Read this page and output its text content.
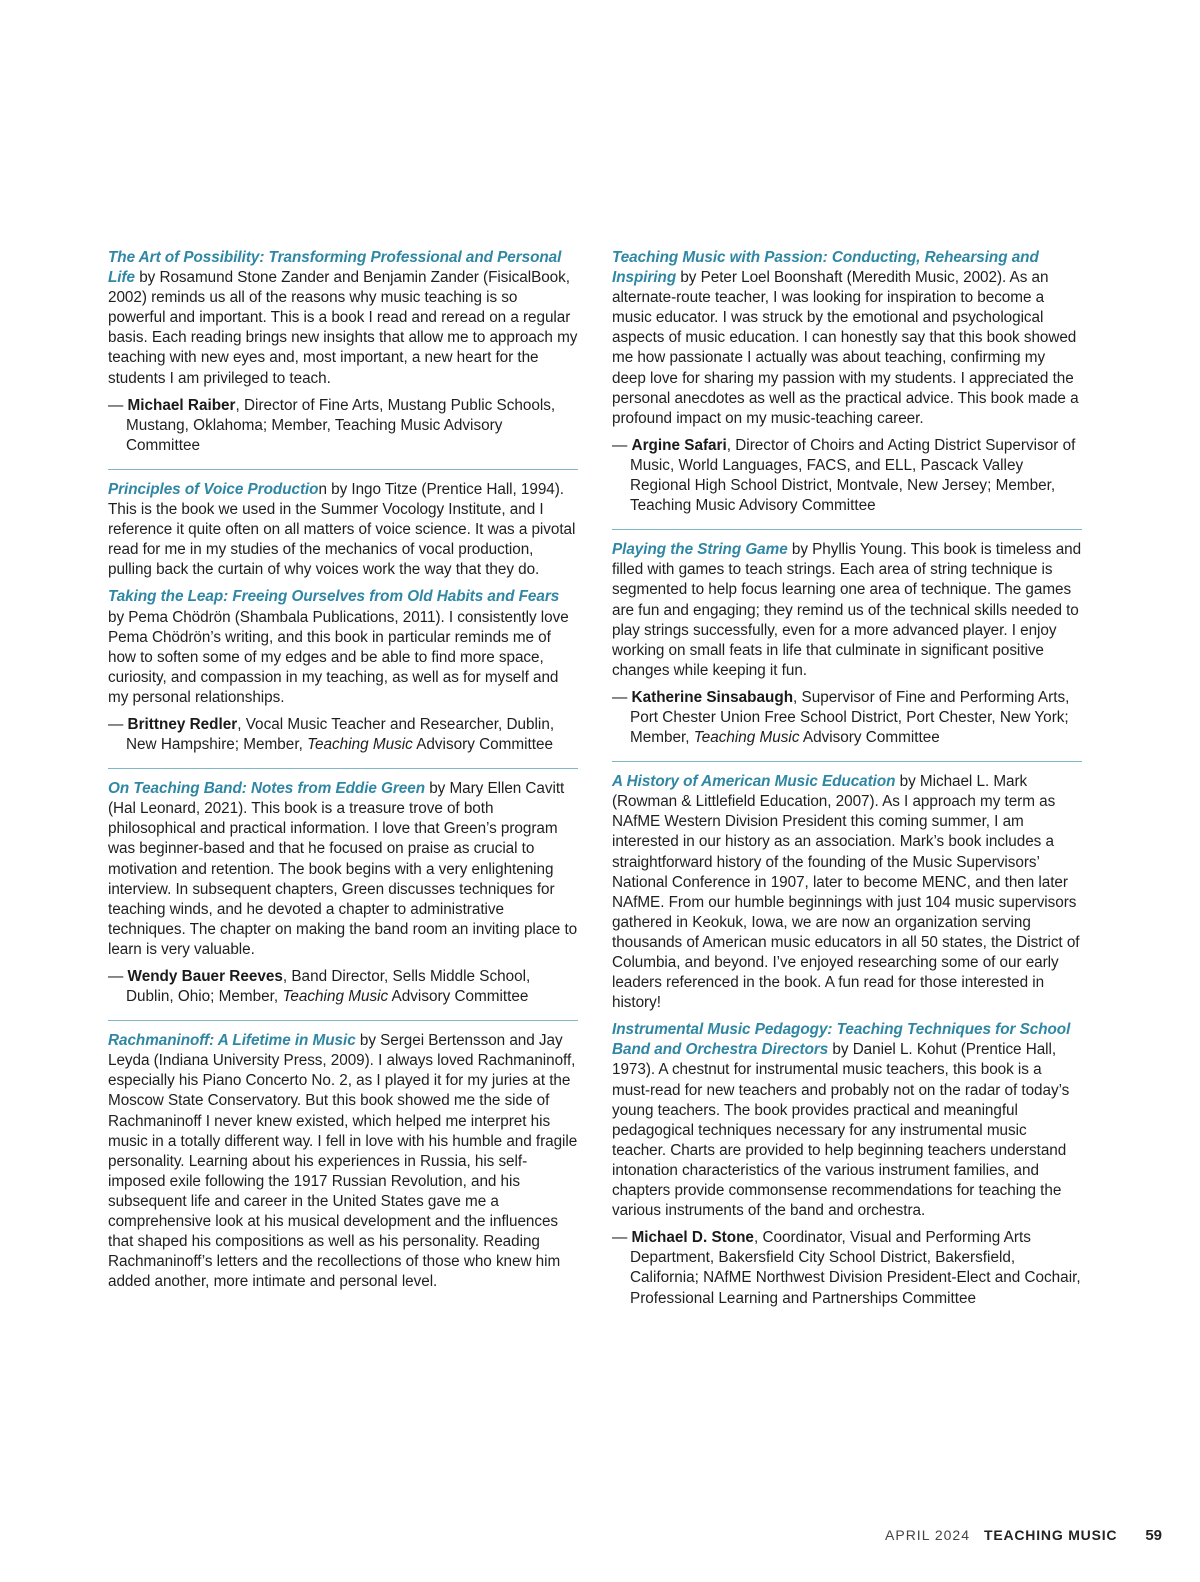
The Art of Possibility: Transforming Professional and Personal Life by Rosamund Stone Zander and Benjamin Zander (FisicalBook, 2002) reminds us all of the reasons why music teaching is so powerful and important. This is a book I read and reread on a regular basis. Each reading brings new insights that allow me to approach my teaching with new eyes and, most important, a new heart for the students I am privileged to teach.

— Michael Raiber, Director of Fine Arts, Mustang Public Schools, Mustang, Oklahoma; Member, Teaching Music Advisory Committee

Principles of Voice Production by Ingo Titze (Prentice Hall, 1994). This is the book we used in the Summer Vocology Institute, and I reference it quite often on all matters of voice science. It was a pivotal read for me in my studies of the mechanics of vocal production, pulling back the curtain of why voices work the way that they do.

Taking the Leap: Freeing Ourselves from Old Habits and Fears by Pema Chödrön (Shambala Publications, 2011). I consistently love Pema Chödrön’s writing, and this book in particular reminds me of how to soften some of my edges and be able to find more space, curiosity, and compassion in my teaching, as well as for myself and my personal relationships.

— Brittney Redler, Vocal Music Teacher and Researcher, Dublin, New Hampshire; Member, Teaching Music Advisory Committee

On Teaching Band: Notes from Eddie Green by Mary Ellen Cavitt (Hal Leonard, 2021). This book is a treasure trove of both philosophical and practical information. I love that Green’s program was beginner-based and that he focused on praise as crucial to motivation and retention. The book begins with a very enlightening interview. In subsequent chapters, Green discusses techniques for teaching winds, and he devoted a chapter to administrative techniques. The chapter on making the band room an inviting place to learn is very valuable.

— Wendy Bauer Reeves, Band Director, Sells Middle School, Dublin, Ohio; Member, Teaching Music Advisory Committee

Rachmaninoff: A Lifetime in Music by Sergei Bertensson and Jay Leyda (Indiana University Press, 2009). I always loved Rachmaninoff, especially his Piano Concerto No. 2, as I played it for my juries at the Moscow State Conservatory. But this book showed me the side of Rachmaninoff I never knew existed, which helped me interpret his music in a totally different way. I fell in love with his humble and fragile personality. Learning about his experiences in Russia, his self-imposed exile following the 1917 Russian Revolution, and his subsequent life and career in the United States gave me a comprehensive look at his musical development and the influences that shaped his compositions as well as his personality. Reading Rachmaninoff’s letters and the recollections of those who knew him added another, more intimate and personal level.

Teaching Music with Passion: Conducting, Rehearsing and Inspiring by Peter Loel Boonshaft (Meredith Music, 2002). As an alternate-route teacher, I was looking for inspiration to become a music educator. I was struck by the emotional and psychological aspects of music education. I can honestly say that this book showed me how passionate I actually was about teaching, confirming my deep love for sharing my passion with my students. I appreciated the personal anecdotes as well as the practical advice. This book made a profound impact on my music-teaching career.

— Argine Safari, Director of Choirs and Acting District Supervisor of Music, World Languages, FACS, and ELL, Pascack Valley Regional High School District, Montvale, New Jersey; Member, Teaching Music Advisory Committee

Playing the String Game by Phyllis Young. This book is timeless and filled with games to teach strings. Each area of string technique is segmented to help focus learning one area of technique. The games are fun and engaging; they remind us of the technical skills needed to play strings successfully, even for a more advanced player. I enjoy working on small feats in life that culminate in significant positive changes while keeping it fun.

— Katherine Sinsabaugh, Supervisor of Fine and Performing Arts, Port Chester Union Free School District, Port Chester, New York; Member, Teaching Music Advisory Committee

A History of American Music Education by Michael L. Mark (Rowman & Littlefield Education, 2007). As I approach my term as NAfME Western Division President this coming summer, I am interested in our history as an association. Mark’s book includes a straightforward history of the founding of the Music Supervisors’ National Conference in 1907, later to become MENC, and then later NAfME. From our humble beginnings with just 104 music supervisors gathered in Keokuk, Iowa, we are now an organization serving thousands of American music educators in all 50 states, the District of Columbia, and beyond. I’ve enjoyed researching some of our early leaders referenced in the book. A fun read for those interested in history!

Instrumental Music Pedagogy: Teaching Techniques for School Band and Orchestra Directors by Daniel L. Kohut (Prentice Hall, 1973). A chestnut for instrumental music teachers, this book is a must-read for new teachers and probably not on the radar of today’s young teachers. The book provides practical and meaningful pedagogical techniques necessary for any instrumental music teacher. Charts are provided to help beginning teachers understand intonation characteristics of the various instrument families, and chapters provide commonsense recommendations for teaching the various instruments of the band and orchestra.

— Michael D. Stone, Coordinator, Visual and Performing Arts Department, Bakersfield City School District, Bakersfield, California; NAfME Northwest Division President-Elect and Cochair, Professional Learning and Partnerships Committee

APRIL 2024 TEACHING MUSIC 59
